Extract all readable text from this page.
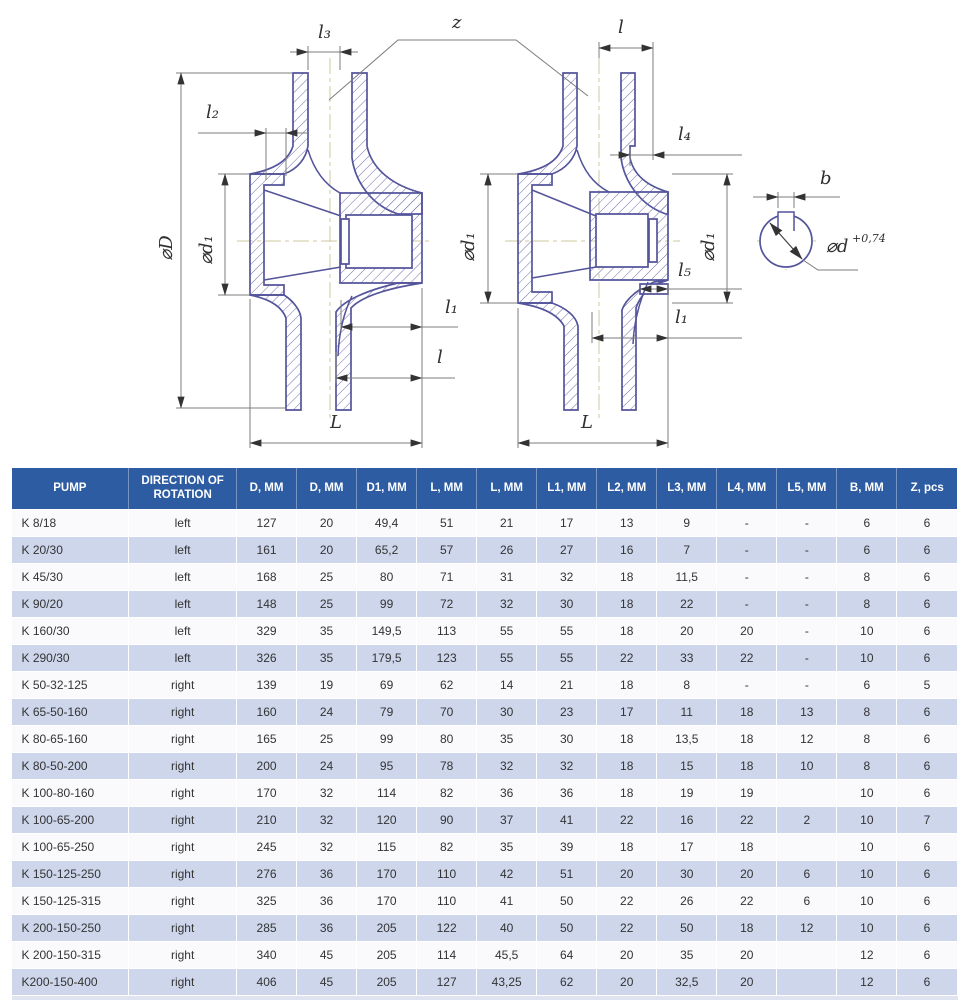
⌀D ⌀d₁
l₂
l₃
l₁
l
L
z	l
l₄
⌀d₁	⌀d₁
l₅
l₁
L
b
⌀d +0,74
PUMP	DIRECTION OF ROTATION	D, MM	D, MM	D1, MM	L, MM	L, MM	L1, MM	L2, MM	L3, MM	L4, MM	L5, MM	B, MM	Z, pcs
K 8/18	left	127	20	49,4	51	21	17	13	9	-	-	6	6
K 20/30	left	161	20	65,2	57	26	27	16	7	-	-	6	6
K 45/30	left	168	25	80	71	31	32	18	11,5	-	-	8	6
K 90/20	left	148	25	99	72	32	30	18	22	-	-	8	6
K 160/30	left	329	35	149,5	113	55	55	18	20	20	-	10	6
K 290/30	left	326	35	179,5	123	55	55	22	33	22	-	10	6
K 50-32-125	right	139	19	69	62	14	21	18	8	-	-	6	5
K 65-50-160	right	160	24	79	70	30	23	17	11	18	13	8	6
K 80-65-160	right	165	25	99	80	35	30	18	13,5	18	12	8	6
K 80-50-200	right	200	24	95	78	32	32	18	15	18	10	8	6
K 100-80-160	right	170	32	114	82	36	36	18	19	19		10	6
K 100-65-200	right	210	32	120	90	37	41	22	16	22	2	10	7
K 100-65-250	right	245	32	115	82	35	39	18	17	18		10	6
K 150-125-250	right	276	36	170	110	42	51	20	30	20	6	10	6
K 150-125-315	right	325	36	170	110	41	50	22	26	22	6	10	6
K 200-150-250	right	285	36	205	122	40	50	22	50	18	12	10	6
K 200-150-315	right	340	45	205	114	45,5	64	20	35	20		12	6
K200-150-400	right	406	45	205	127	43,25	62	20	32,5	20		12	6
